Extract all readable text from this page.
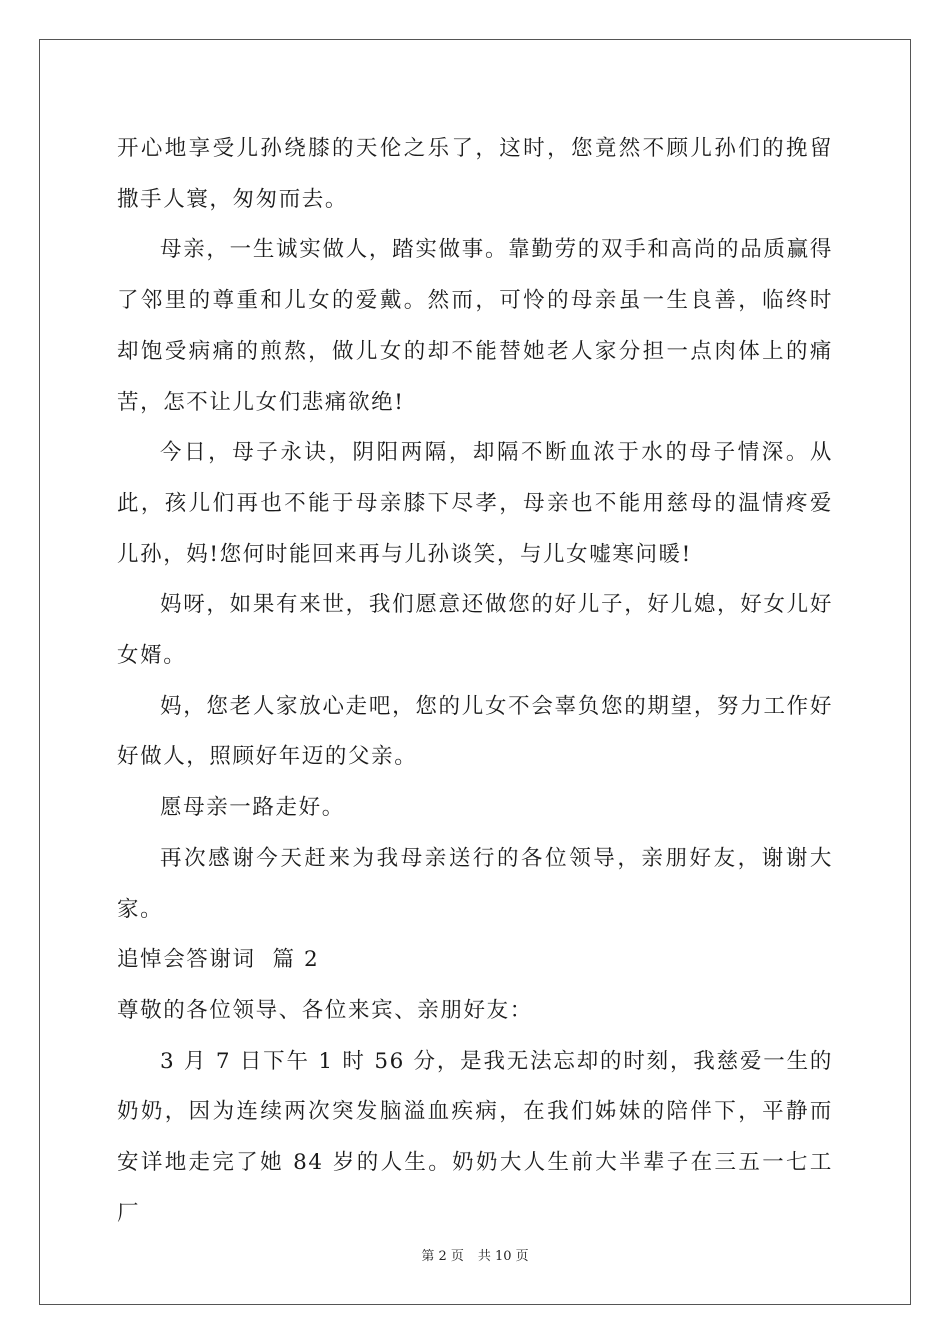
开心地享受儿孙绕膝的天伦之乐了，这时，您竟然不顾儿孙们的挽留撒手人寰，匆匆而去。

母亲，一生诚实做人，踏实做事。靠勤劳的双手和高尚的品质赢得了邻里的尊重和儿女的爱戴。然而，可怜的母亲虽一生良善，临终时却饱受病痛的煎熬，做儿女的却不能替她老人家分担一点肉体上的痛苦，怎不让儿女们悲痛欲绝!

今日，母子永诀，阴阳两隔，却隔不断血浓于水的母子情深。从此，孩儿们再也不能于母亲膝下尽孝，母亲也不能用慈母的温情疼爱儿孙，妈!您何时能回来再与儿孙谈笑，与儿女嘘寒问暖!

妈呀，如果有来世，我们愿意还做您的好儿子，好儿媳，好女儿好女婿。

妈，您老人家放心走吧，您的儿女不会辜负您的期望，努力工作好好做人，照顾好年迈的父亲。

愿母亲一路走好。

再次感谢今天赶来为我母亲送行的各位领导，亲朋好友，谢谢大家。

追悼会答谢词  篇 2

尊敬的各位领导、各位来宾、亲朋好友：

3 月 7 日下午 1 时 56 分，是我无法忘却的时刻，我慈爱一生的奶奶，因为连续两次突发脑溢血疾病，在我们姊妹的陪伴下，平静而安详地走完了她 84 岁的人生。奶奶大人生前大半辈子在三五一七工厂

第 2 页 共 10 页
